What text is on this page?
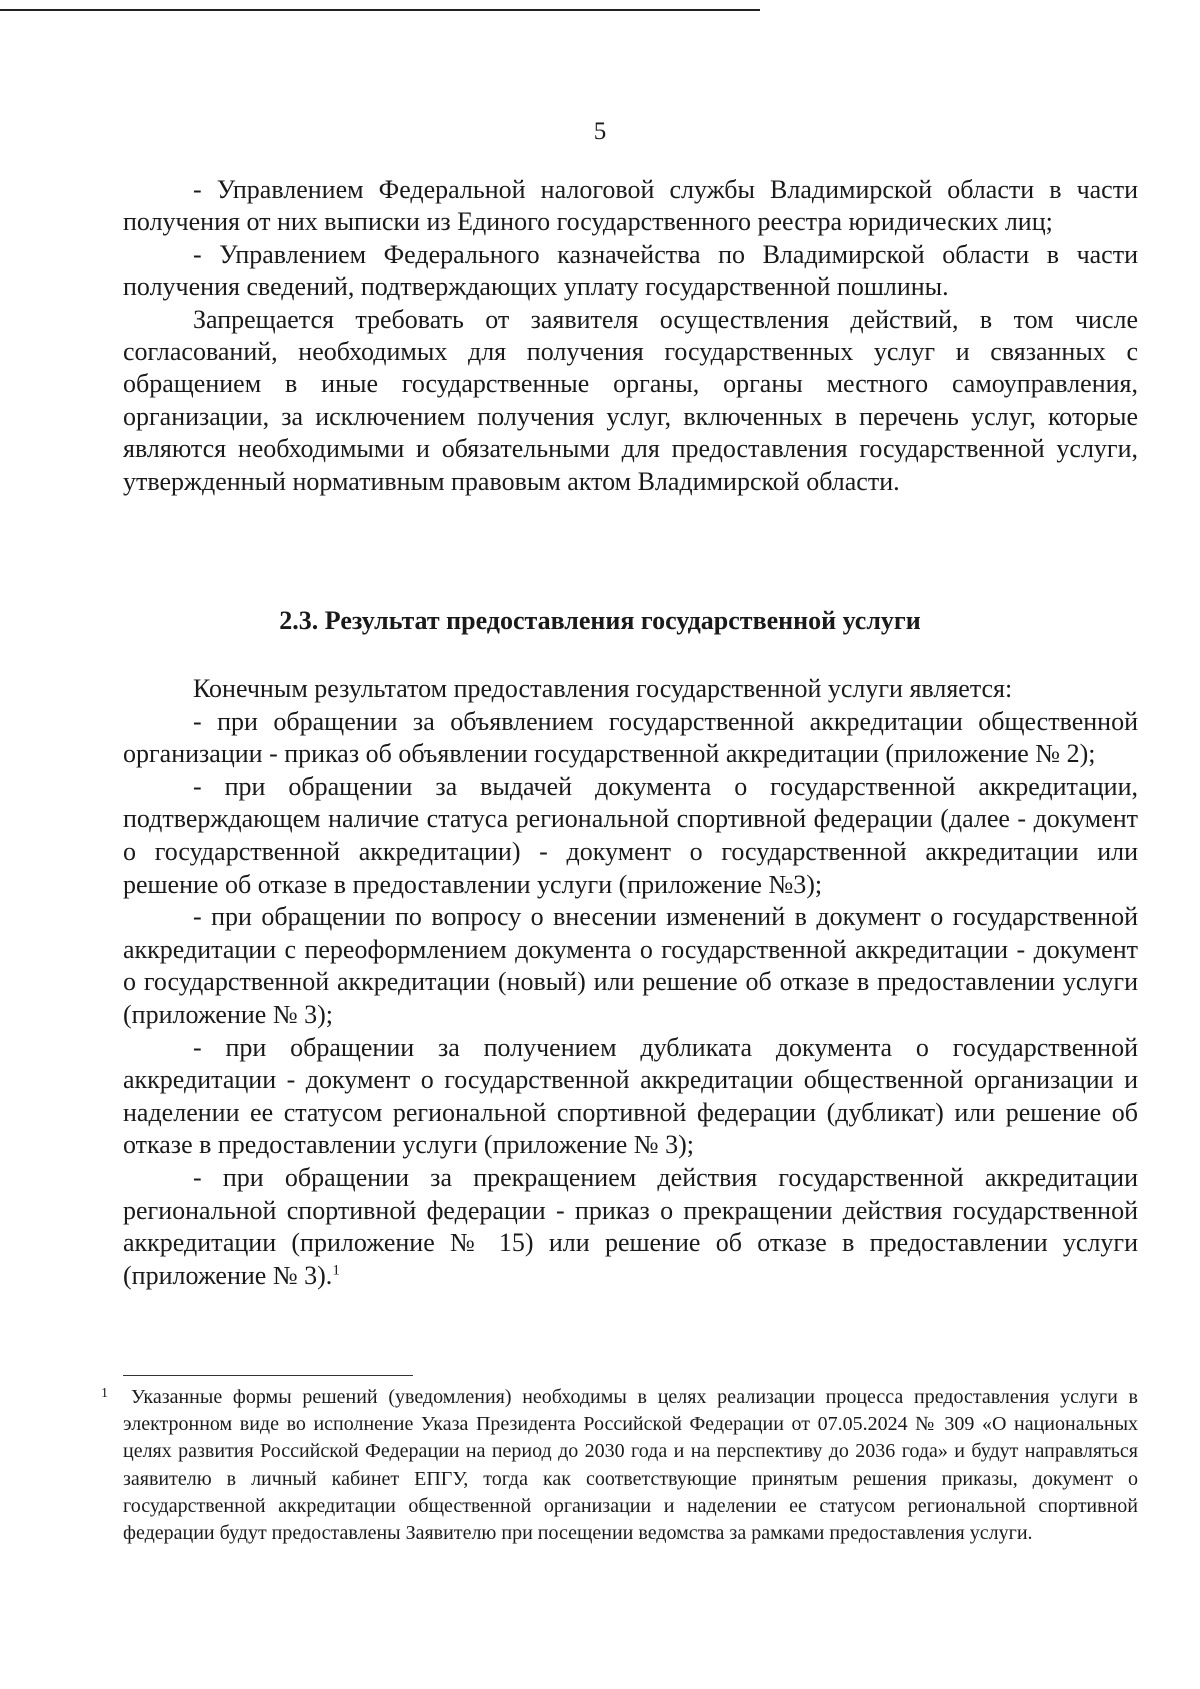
5

- Управлением Федеральной налоговой службы Владимирской области в части получения от них выписки из Единого государственного реестра юридических лиц;

- Управлением Федерального казначейства по Владимирской области в части получения сведений, подтверждающих уплату государственной пошлины.

Запрещается требовать от заявителя осуществления действий, в том числе согласований, необходимых для получения государственных услуг и связанных с обращением в иные государственные органы, органы местного самоуправления, организации, за исключением получения услуг, включенных в перечень услуг, которые являются необходимыми и обязательными для предоставления государственной услуги, утвержденный нормативным правовым актом Владимирской области.

2.3. Результат предоставления государственной услуги

Конечным результатом предоставления государственной услуги является:

- при обращении за объявлением государственной аккредитации общественной организации - приказ об объявлении государственной аккредитации (приложение № 2);

- при обращении за выдачей документа о государственной аккредитации, подтверждающем наличие статуса региональной спортивной федерации (далее - документ о государственной аккредитации) - документ о государственной аккредитации или решение об отказе в предоставлении услуги (приложение №3);

- при обращении по вопросу о внесении изменений в документ о государственной аккредитации с переоформлением документа о государственной аккредитации - документ о государственной аккредитации (новый) или решение об отказе в предоставлении услуги (приложение № 3);

- при обращении за получением дубликата документа о государственной аккредитации - документ о государственной аккредитации общественной организации и наделении ее статусом региональной спортивной федерации (дубликат) или решение об отказе в предоставлении услуги (приложение № 3);

- при обращении за прекращением действия государственной аккредитации региональной спортивной федерации - приказ о прекращении действия государственной аккредитации (приложение № 15) или решение об отказе в предоставлении услуги (приложение № 3).$^1$

1 Указанные формы решений (уведомления) необходимы в целях реализации процесса предоставления услуги в электронном виде во исполнение Указа Президента Российской Федерации от 07.05.2024 № 309 «О национальных целях развития Российской Федерации на период до 2030 года и на перспективу до 2036 года» и будут направляться заявителю в личный кабинет ЕПГУ, тогда как соответствующие принятым решения приказы, документ о государственной аккредитации общественной организации и наделении ее статусом региональной спортивной федерации будут предоставлены Заявителю при посещении ведомства за рамками предоставления услуги.
